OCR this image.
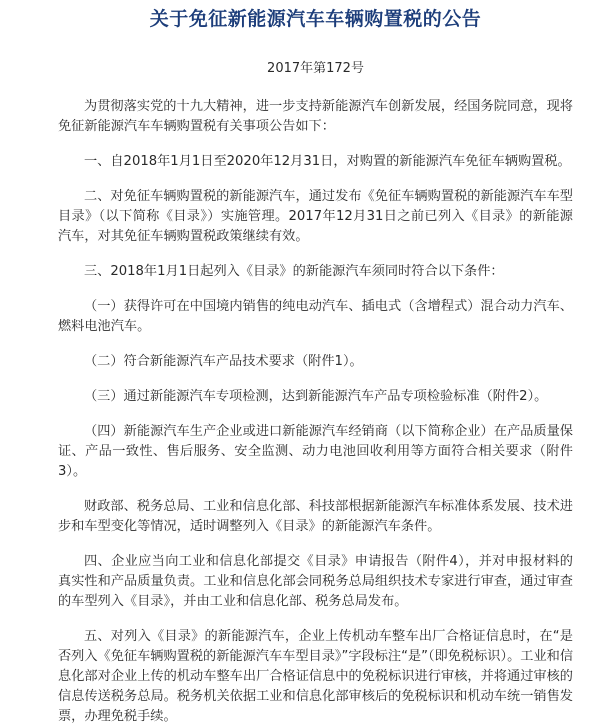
关于免征新能源汽车车辆购置税的公告
2017年第172号

为贯彻落实党的十九大精神，进一步支持新能源汽车创新发展，经国务院同意，现将免征新能源汽车车辆购置税有关事项公告如下：

一、自2018年1月1日至2020年12月31日，对购置的新能源汽车免征车辆购置税。

二、对免征车辆购置税的新能源汽车，通过发布《免征车辆购置税的新能源汽车车型目录》（以下简称《目录》）实施管理。2017年12月31日之前已列入《目录》的新能源汽车，对其免征车辆购置税政策继续有效。

三、2018年1月1日起列入《目录》的新能源汽车须同时符合以下条件：

（一）获得许可在中国境内销售的纯电动汽车、插电式（含增程式）混合动力汽车、燃料电池汽车。

（二）符合新能源汽车产品技术要求（附件1）。

（三）通过新能源汽车专项检测，达到新能源汽车产品专项检验标准（附件2）。

（四）新能源汽车生产企业或进口新能源汽车经销商（以下简称企业）在产品质量保证、产品一致性、售后服务、安全监测、动力电池回收利用等方面符合相关要求（附件3）。

财政部、税务总局、工业和信息化部、科技部根据新能源汽车标准体系发展、技术进步和车型变化等情况，适时调整列入《目录》的新能源汽车条件。

四、企业应当向工业和信息化部提交《目录》申请报告（附件4），并对申报材料的真实性和产品质量负责。工业和信息化部会同税务总局组织技术专家进行审查，通过审查的车型列入《目录》，并由工业和信息化部、税务总局发布。

五、对列入《目录》的新能源汽车，企业上传机动车整车出厂合格证信息时，在“是否列入《免征车辆购置税的新能源汽车车型目录》”字段标注“是”（即免税标识）。工业和信息化部对企业上传的机动车整车出厂合格证信息中的免税标识进行审核，并将通过审核的信息传送税务总局。税务机关依据工业和信息化部审核后的免税标识和机动车统一销售发票，办理免税手续。
